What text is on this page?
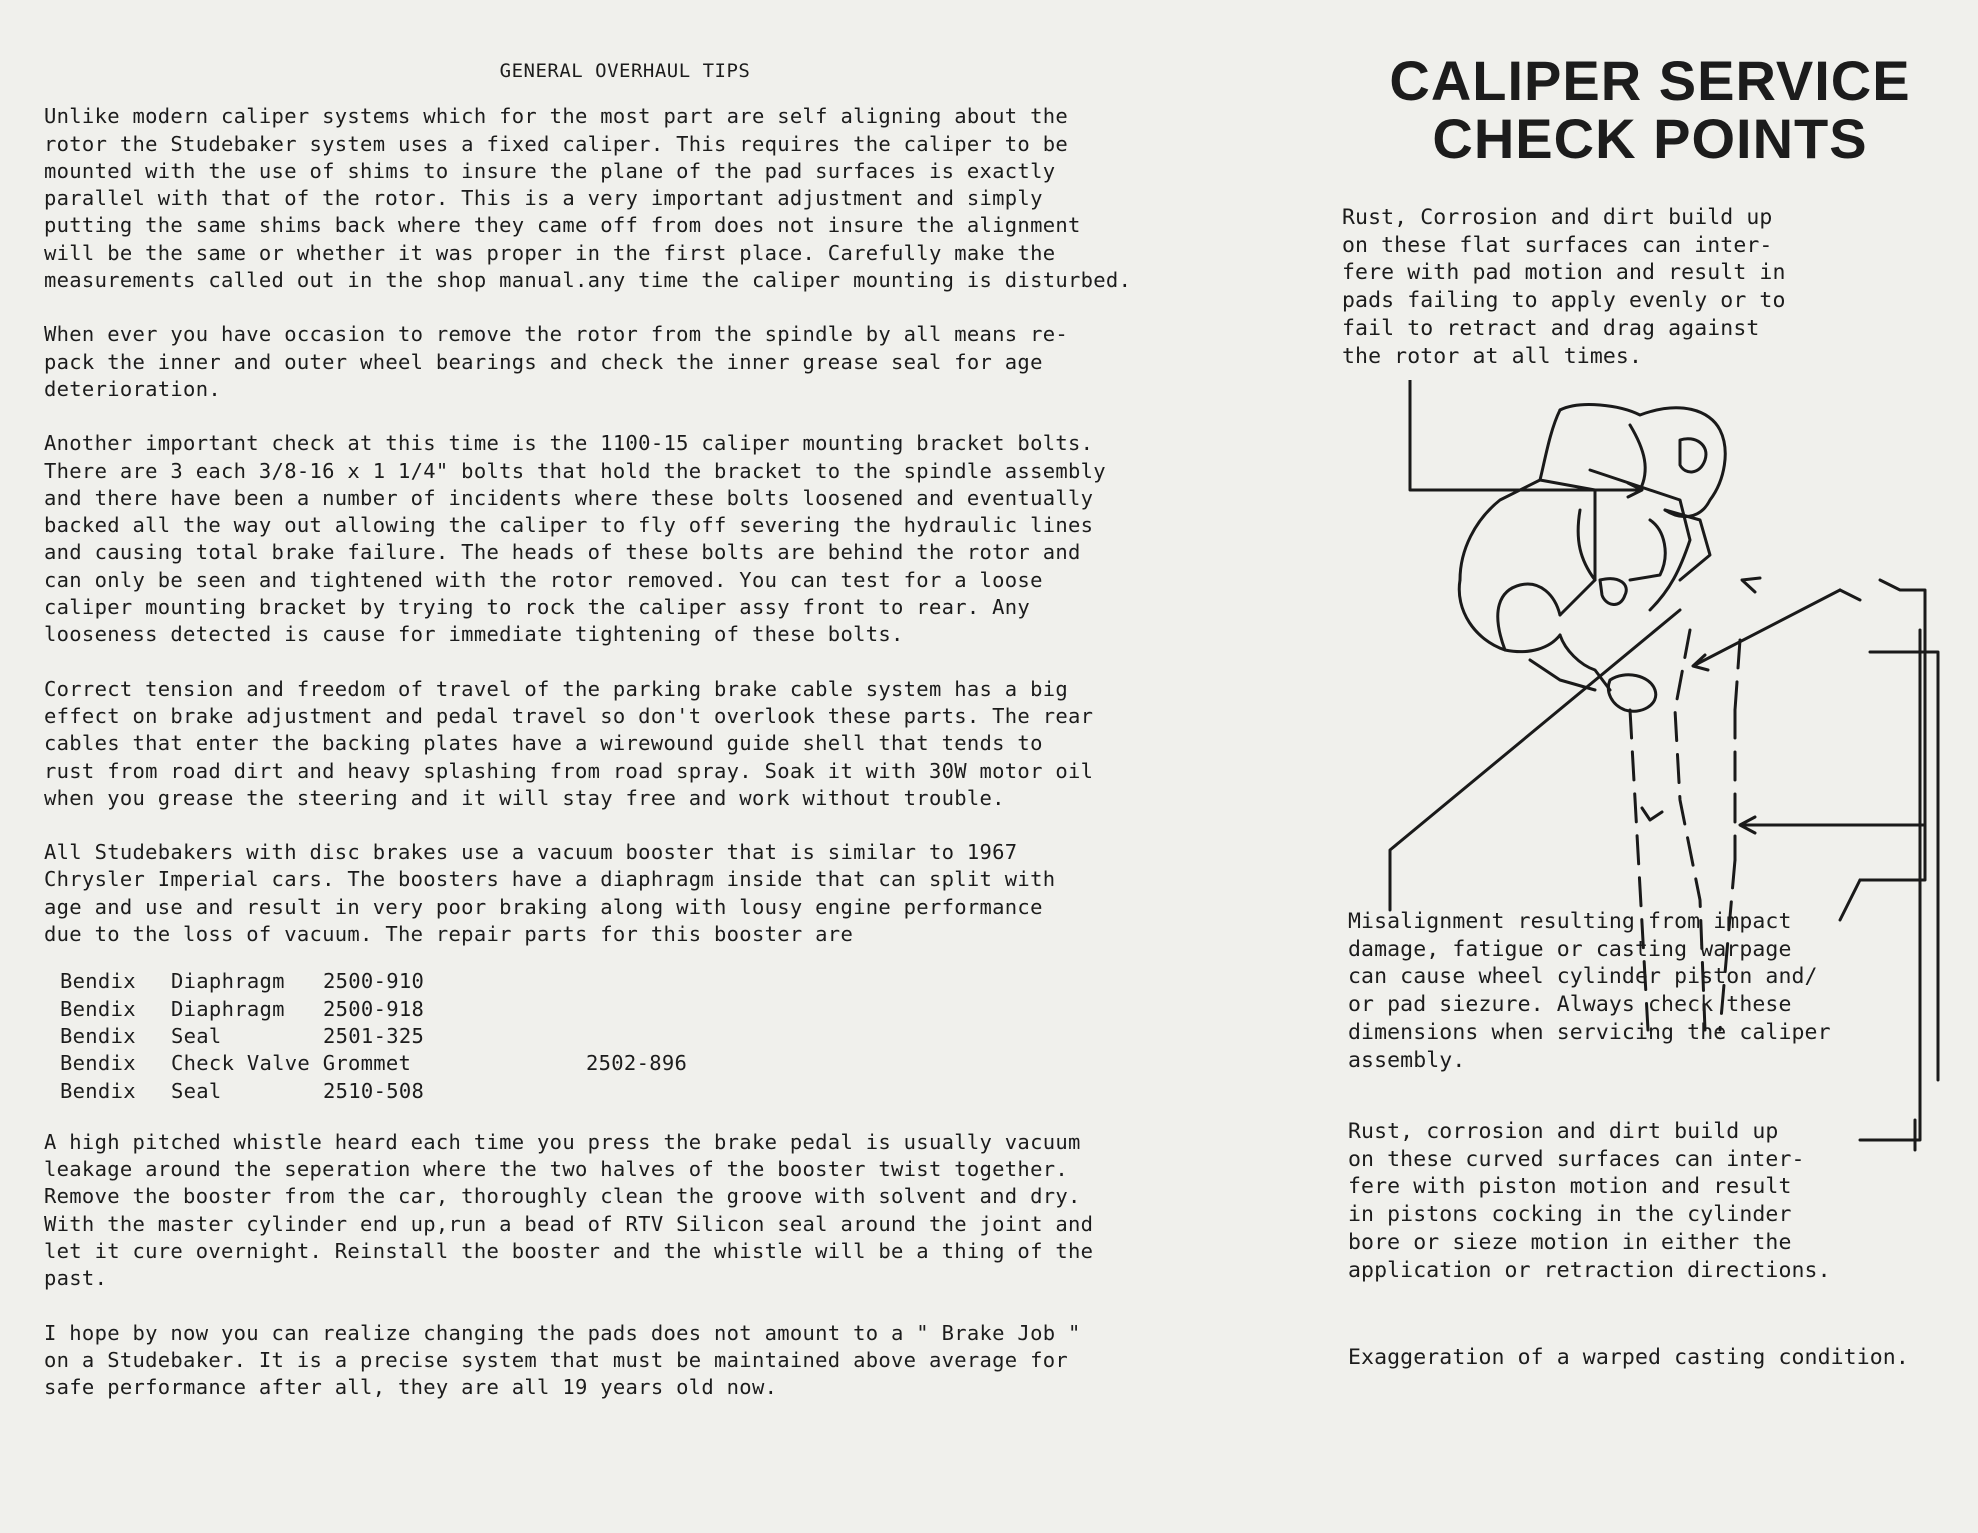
GENERAL OVERHAUL TIPS

Unlike modern caliper systems which for the most part are self aligning about the
rotor the Studebaker system uses a fixed caliper. This requires the caliper to be
mounted with the use of shims to insure the plane of the pad surfaces is exactly
parallel with that of the rotor. This is a very important adjustment and simply
putting the same shims back where they came off from does not insure the alignment
will be the same or whether it was proper in the first place. Carefully make the
measurements called out in the shop manual.any time the caliper mounting is disturbed.

When ever you have occasion to remove the rotor from the spindle by all means re-
pack the inner and outer wheel bearings and check the inner grease seal for age
deterioration.

Another important check at this time is the 1100-15 caliper mounting bracket bolts.
There are 3 each 3/8-16 x 1 1/4" bolts that hold the bracket to the spindle assembly
and there have been a number of incidents where these bolts loosened and eventually
backed all the way out allowing the caliper to fly off severing the hydraulic lines
and causing total brake failure. The heads of these bolts are behind the rotor and
can only be seen and tightened with the rotor removed. You can test for a loose
caliper mounting bracket by trying to rock the caliper assy front to rear. Any
looseness detected is cause for immediate tightening of these bolts.

Correct tension and freedom of travel of the parking brake cable system has a big
effect on brake adjustment and pedal travel so don't overlook these parts. The rear
cables that enter the backing plates have a wirewound guide shell that tends to
rust from road dirt and heavy splashing from road spray. Soak it with 30W motor oil
when you grease the steering and it will stay free and work without trouble.

All Studebakers with disc brakes use a vacuum booster that is similar to 1967
Chrysler Imperial cars. The boosters have a diaphragm inside that can split with
age and use and result in very poor braking along with lousy engine performance
due to the loss of vacuum. The repair parts for this booster are

Bendix	Diaphragm	2500-910
Bendix	Diaphragm	2500-918
Bendix	Seal	2501-325
Bendix	Check Valve Grommet	2502-896
Bendix	Seal	2510-508

A high pitched whistle heard each time you press the brake pedal is usually vacuum
leakage around the seperation where the two halves of the booster twist together.
Remove the booster from the car, thoroughly clean the groove with solvent and dry.
With the master cylinder end up,run a bead of RTV Silicon seal around the joint and
let it cure overnight. Reinstall the booster and the whistle will be a thing of the
past.

I hope by now you can realize changing the pads does not amount to a " Brake Job "
on a Studebaker. It is a precise system that must be maintained above average for
safe performance after all, they are all 19 years old now.

CALIPER SERVICE
CHECK POINTS
Rust, Corrosion and dirt build up
on these flat surfaces can inter-
fere with pad motion and result in
pads failing to apply evenly or to
fail to retract and drag against
the rotor at all times.
Misalignment resulting from impact
damage, fatigue or casting warpage
can cause wheel cylinder piston and/
or pad siezure. Always check these
dimensions when servicing the caliper
assembly.
Rust, corrosion and dirt build up
on these curved surfaces can inter-
fere with piston motion and result
in pistons cocking in the cylinder
bore or sieze motion in either the
application or retraction directions.
Exaggeration of a warped casting condition.
